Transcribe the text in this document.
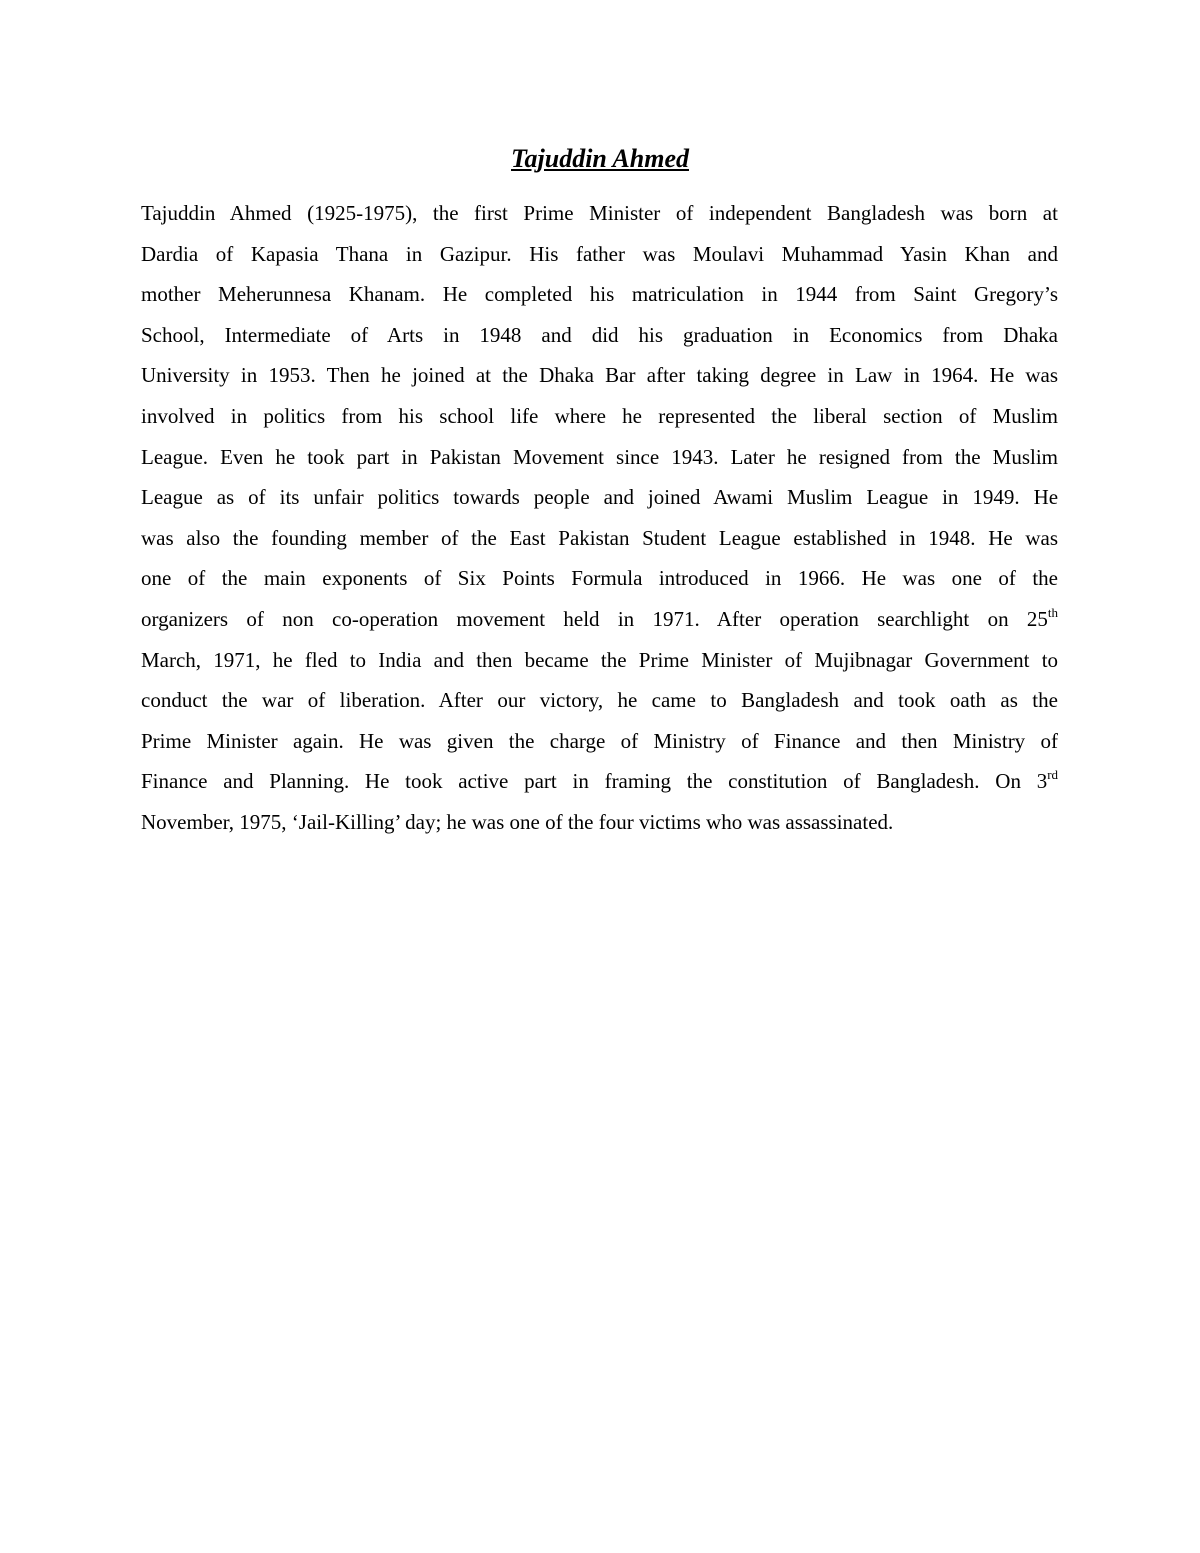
Tajuddin Ahmed
Tajuddin Ahmed (1925-1975), the first Prime Minister of independent Bangladesh was born at
Dardia of Kapasia Thana in Gazipur. His father was Moulavi Muhammad Yasin Khan and
mother Meherunnesa Khanam. He completed his matriculation in 1944 from Saint Gregory’s
School, Intermediate of Arts in 1948 and did his graduation in Economics from Dhaka
University in 1953. Then he joined at the Dhaka Bar after taking degree in Law in 1964. He was
involved in politics from his school life where he represented the liberal section of Muslim
League. Even he took part in Pakistan Movement since 1943. Later he resigned from the Muslim
League as of its unfair politics towards people and joined Awami Muslim League in 1949. He
was also the founding member of the East Pakistan Student League established in 1948. He was
one of the main exponents of Six Points Formula introduced in 1966. He was one of the
organizers of non co-operation movement held in 1971. After operation searchlight on 25th
March, 1971, he fled to India and then became the Prime Minister of Mujibnagar Government to
conduct the war of liberation. After our victory, he came to Bangladesh and took oath as the
Prime Minister again. He was given the charge of Ministry of Finance and then Ministry of
Finance and Planning. He took active part in framing the constitution of Bangladesh. On 3rd
November, 1975, ‘Jail-Killing’ day; he was one of the four victims who was assassinated.
